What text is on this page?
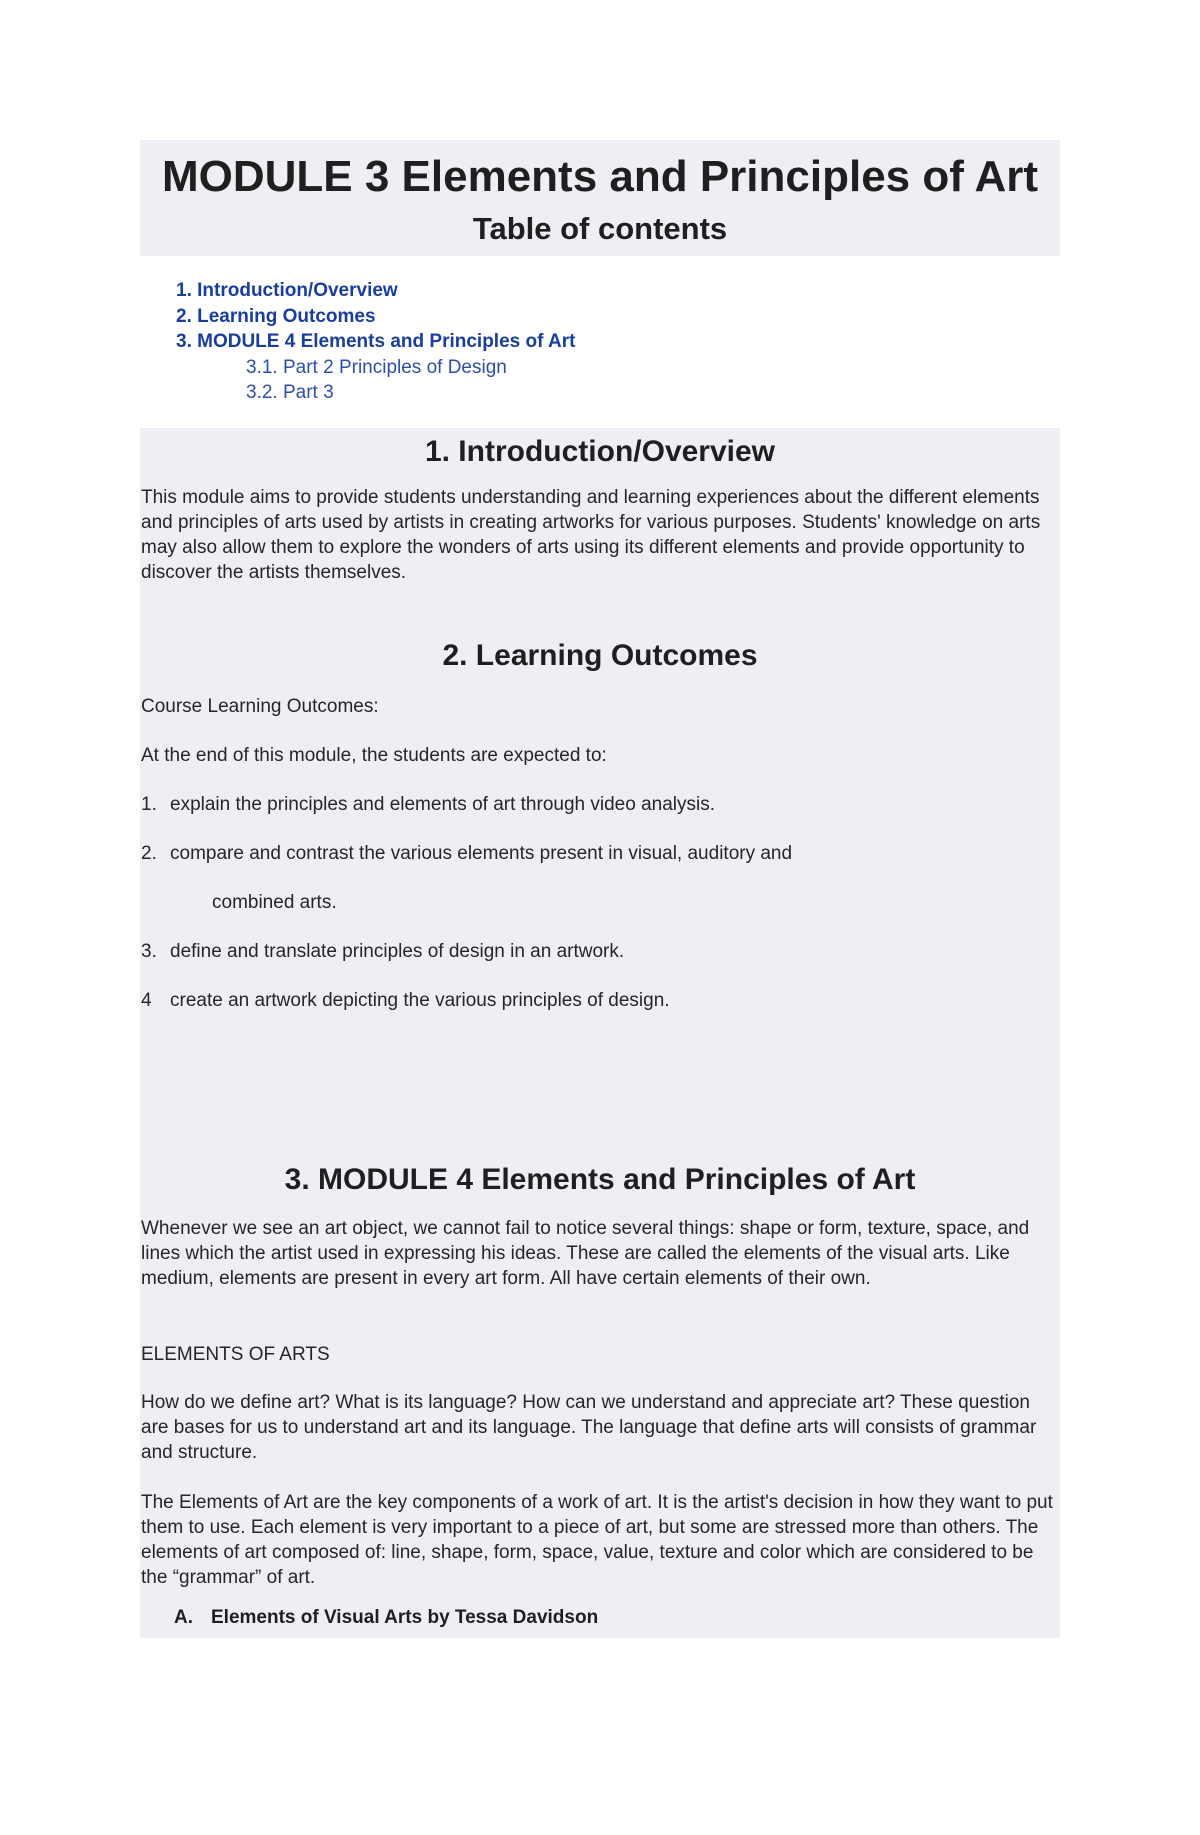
MODULE 3 Elements and Principles of Art
Table of contents
1. Introduction/Overview
2. Learning Outcomes
3. MODULE 4 Elements and Principles of Art
3.1. Part 2 Principles of Design
3.2. Part 3
1. Introduction/Overview

This module aims to provide students understanding and learning experiences about the different elements and principles of arts used by artists in creating artworks for various purposes. Students' knowledge on arts may also allow them to explore the wonders of arts using its different elements and provide opportunity to discover the artists themselves.

2. Learning Outcomes

Course Learning Outcomes:

At the end of this module, the students are expected to:

1. explain the principles and elements of art through video analysis.

2. compare and contrast the various elements present in visual, auditory and

combined arts.

3. define and translate principles of design in an artwork.

4 create an artwork depicting the various principles of design.

3. MODULE 4 Elements and Principles of Art

Whenever we see an art object, we cannot fail to notice several things: shape or form, texture, space, and lines which the artist used in expressing his ideas. These are called the elements of the visual arts. Like medium, elements are present in every art form. All have certain elements of their own.

ELEMENTS OF ARTS

How do we define art? What is its language? How can we understand and appreciate art? These question are bases for us to understand art and its language. The language that define arts will consists of grammar and structure.

The Elements of Art are the key components of a work of art. It is the artist's decision in how they want to put them to use. Each element is very important to a piece of art, but some are stressed more than others. The elements of art composed of: line, shape, form, space, value, texture and color which are considered to be the “grammar” of art.

A. Elements of Visual Arts by Tessa Davidson
